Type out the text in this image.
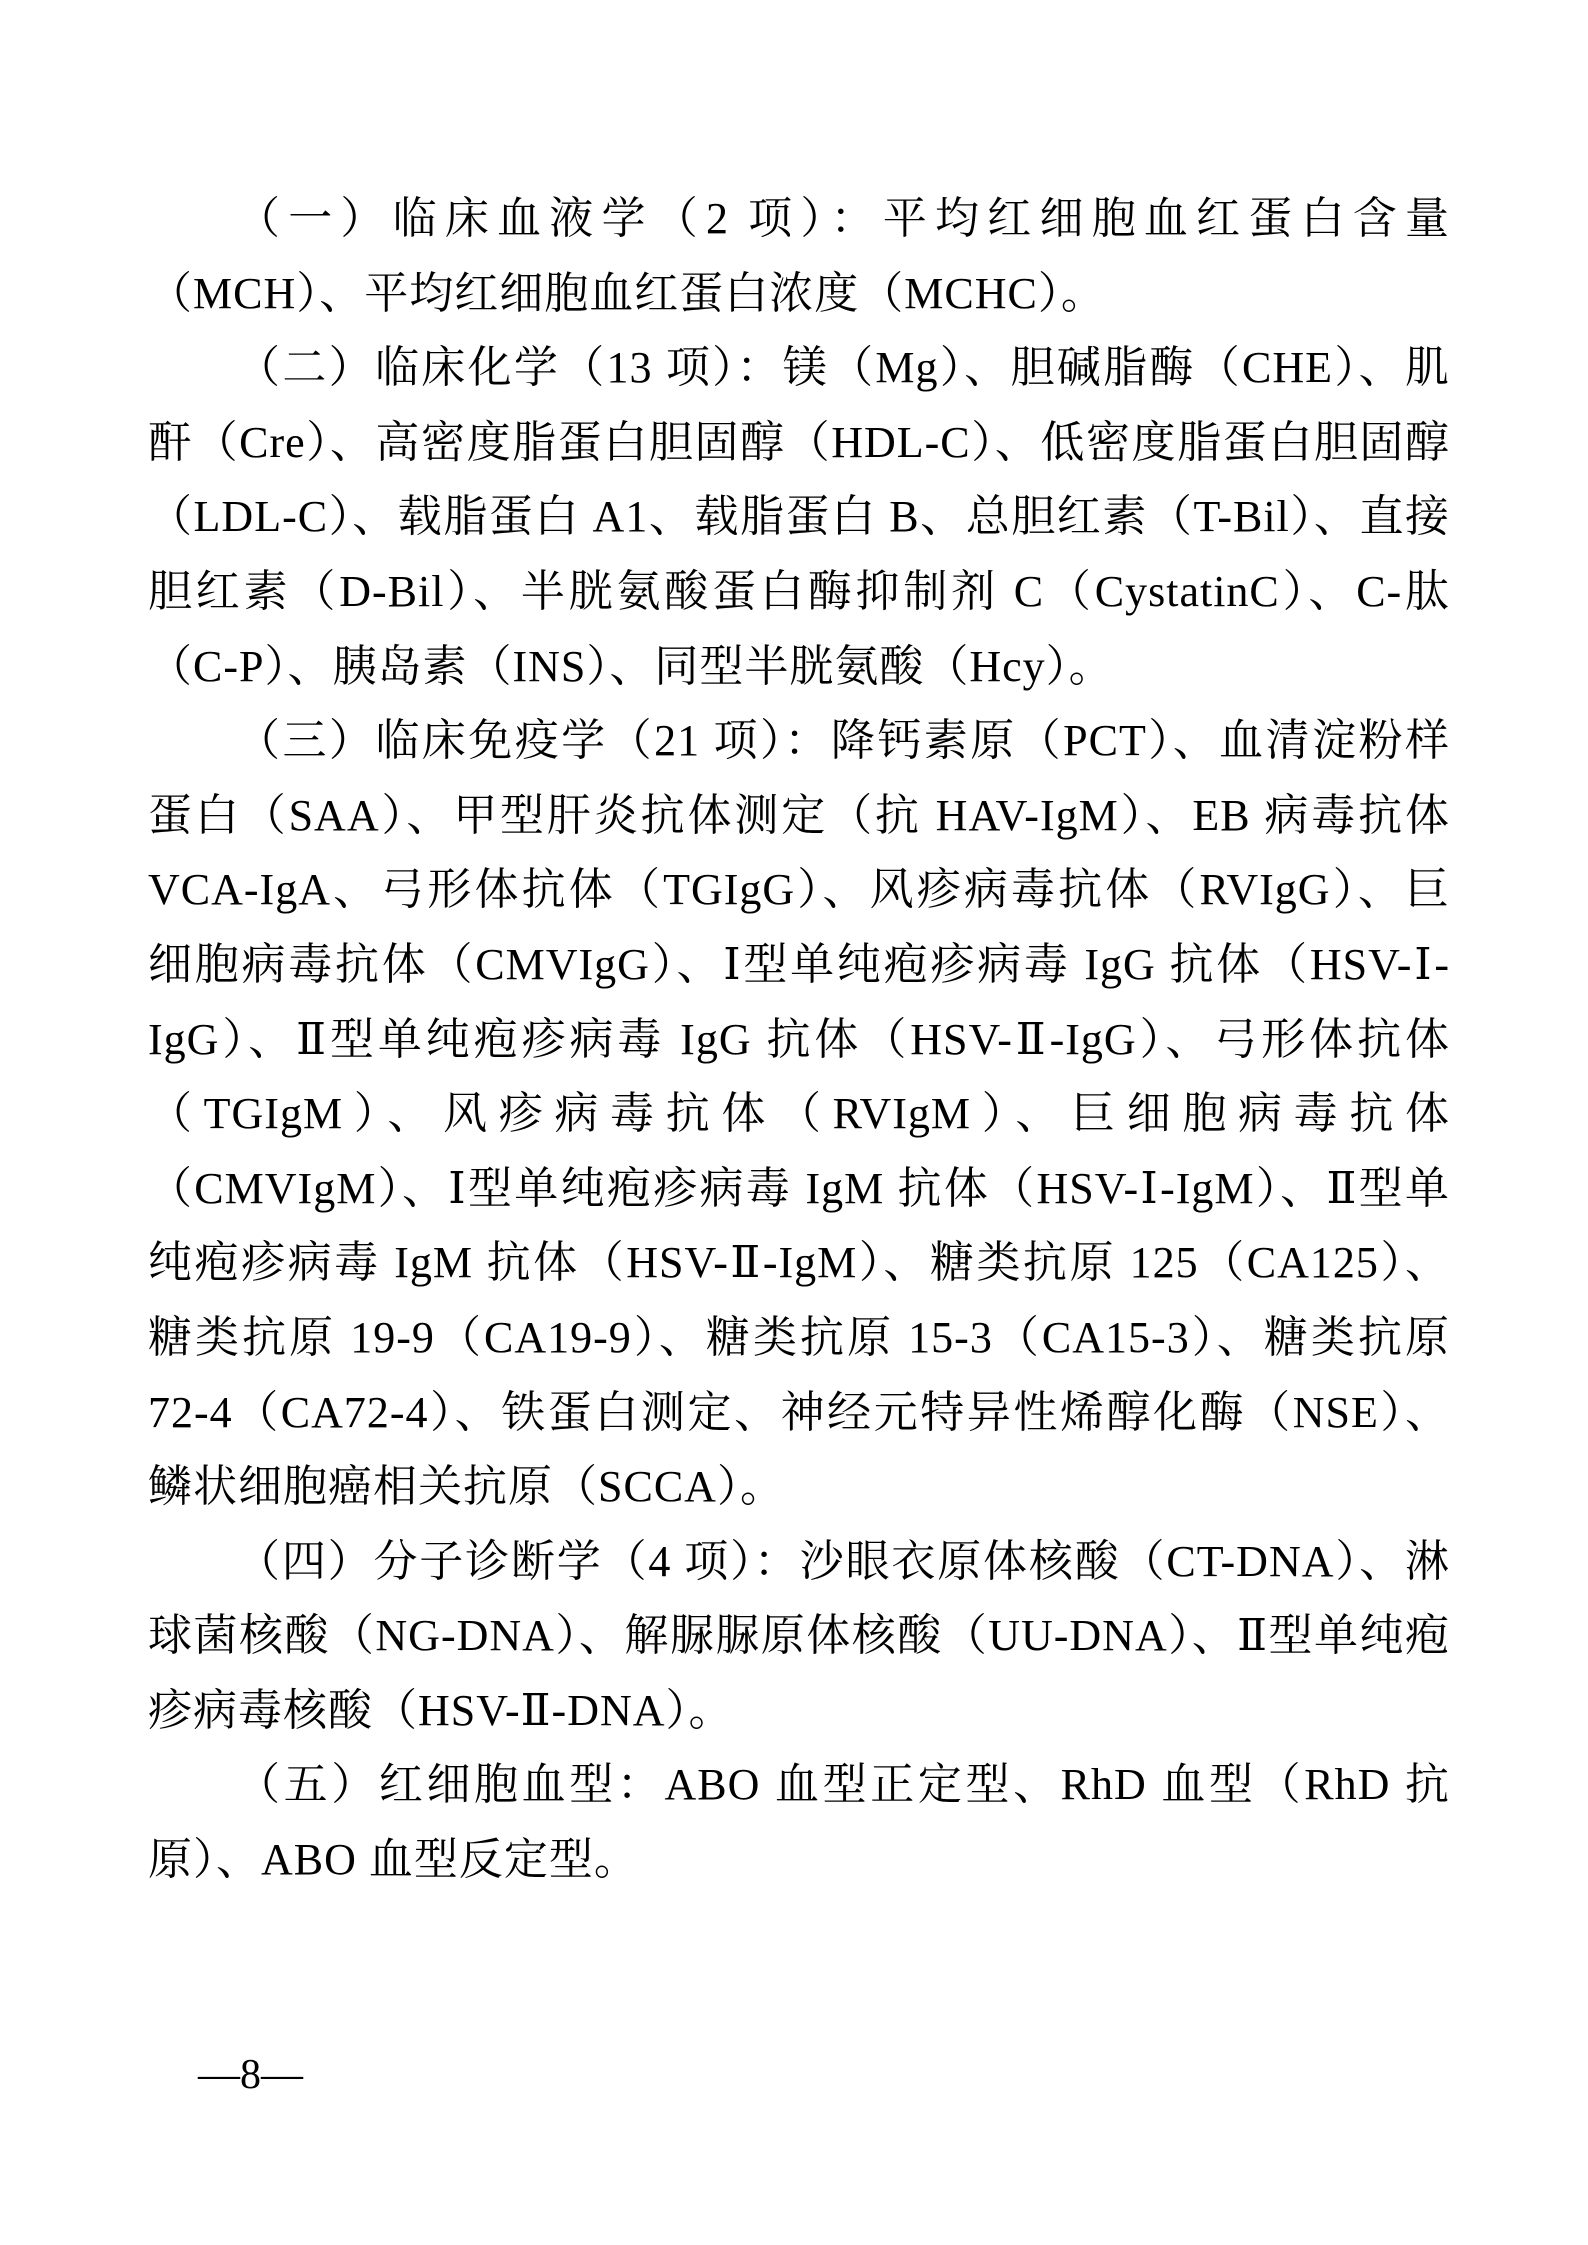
（一）临床血液学（2 项）：平均红细胞血红蛋白含量（MCH）、平均红细胞血红蛋白浓度（MCHC）。

（二）临床化学（13 项）：镁（Mg）、胆碱脂酶（CHE）、肌酐（Cre）、高密度脂蛋白胆固醇（HDL-C）、低密度脂蛋白胆固醇（LDL-C）、载脂蛋白 A1、载脂蛋白 B、总胆红素（T-Bil）、直接胆红素（D-Bil）、半胱氨酸蛋白酶抑制剂 C（CystatinC）、C-肽（C-P）、胰岛素（INS）、同型半胱氨酸（Hcy）。

（三）临床免疫学（21 项）：降钙素原（PCT）、血清淀粉样蛋白（SAA）、甲型肝炎抗体测定（抗 HAV-IgM）、EB 病毒抗体 VCA-IgA、弓形体抗体（TGIgG）、风疹病毒抗体（RVIgG）、巨细胞病毒抗体（CMVIgG）、Ⅰ型单纯疱疹病毒 IgG 抗体（HSV-Ⅰ-IgG）、Ⅱ型单纯疱疹病毒 IgG 抗体（HSV-Ⅱ-IgG）、弓形体抗体（TGIgM）、风疹病毒抗体（RVIgM）、巨细胞病毒抗体（CMVIgM）、Ⅰ型单纯疱疹病毒 IgM 抗体（HSV-Ⅰ-IgM）、Ⅱ型单纯疱疹病毒 IgM 抗体（HSV-Ⅱ-IgM）、糖类抗原 125（CA125）、糖类抗原 19-9（CA19-9）、糖类抗原 15-3（CA15-3）、糖类抗原 72-4（CA72-4）、铁蛋白测定、神经元特异性烯醇化酶（NSE）、鳞状细胞癌相关抗原（SCCA）。

（四）分子诊断学（4 项）：沙眼衣原体核酸（CT-DNA）、淋球菌核酸（NG-DNA）、解脲脲原体核酸（UU-DNA）、Ⅱ型单纯疱疹病毒核酸（HSV-Ⅱ-DNA）。

（五）红细胞血型：ABO 血型正定型、RhD 血型（RhD 抗原）、ABO 血型反定型。

—8—
